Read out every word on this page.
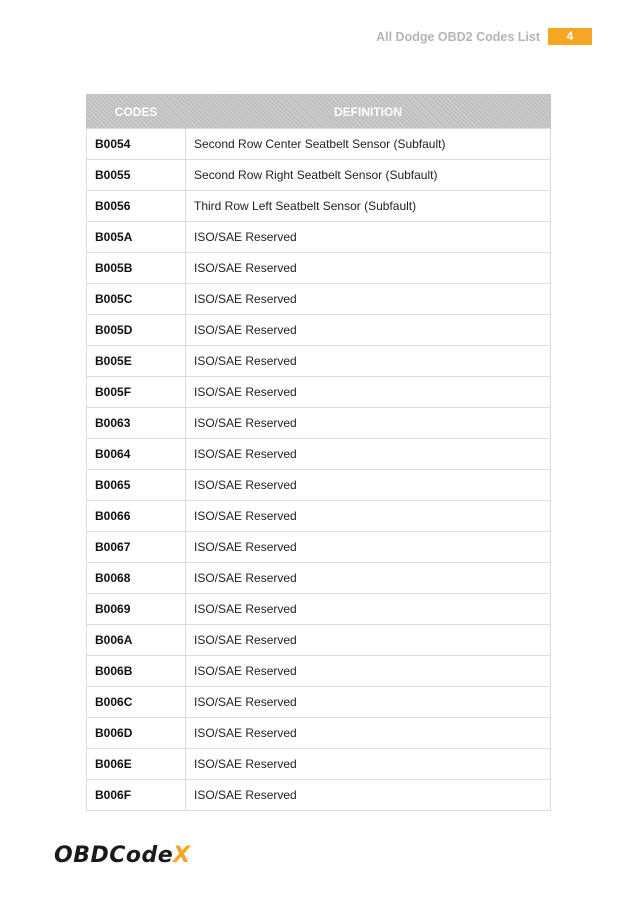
All Dodge OBD2 Codes List	4
CODES	DEFINITION
B0054	Second Row Center Seatbelt Sensor (Subfault)
B0055	Second Row Right Seatbelt Sensor (Subfault)
B0056	Third Row Left Seatbelt Sensor (Subfault)
B005A	ISO/SAE Reserved
B005B	ISO/SAE Reserved
B005C	ISO/SAE Reserved
B005D	ISO/SAE Reserved
B005E	ISO/SAE Reserved
B005F	ISO/SAE Reserved
B0063	ISO/SAE Reserved
B0064	ISO/SAE Reserved
B0065	ISO/SAE Reserved
B0066	ISO/SAE Reserved
B0067	ISO/SAE Reserved
B0068	ISO/SAE Reserved
B0069	ISO/SAE Reserved
B006A	ISO/SAE Reserved
B006B	ISO/SAE Reserved
B006C	ISO/SAE Reserved
B006D	ISO/SAE Reserved
B006E	ISO/SAE Reserved
B006F	ISO/SAE Reserved
OBDCodeX
